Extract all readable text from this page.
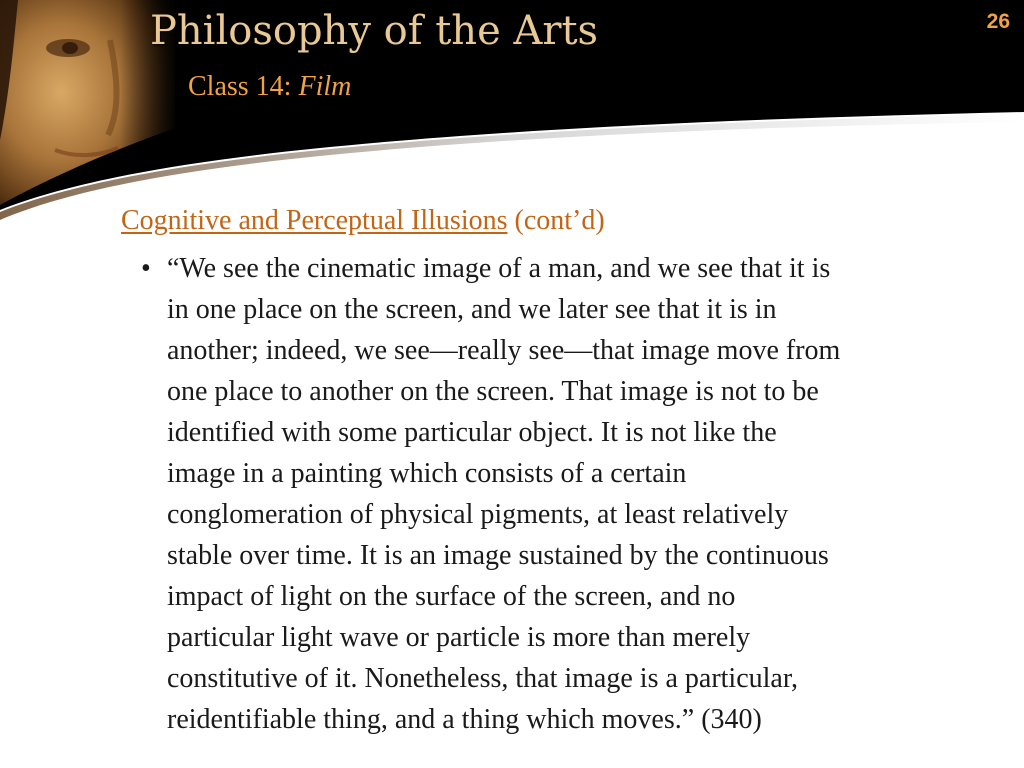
Philosophy of the Arts
Class 14: Film
26
Cognitive and Perceptual Illusions (cont’d)
• “We see the cinematic image of a man, and we see that it is
in one place on the screen, and we later see that it is in
another; indeed, we see—really see—that image move from
one place to another on the screen. That image is not to be
identified with some particular object. It is not like the
image in a painting which consists of a certain
conglomeration of physical pigments, at least relatively
stable over time. It is an image sustained by the continuous
impact of light on the surface of the screen, and no
particular light wave or particle is more than merely
constitutive of it. Nonetheless, that image is a particular,
reidentifiable thing, and a thing which moves.” (340)
